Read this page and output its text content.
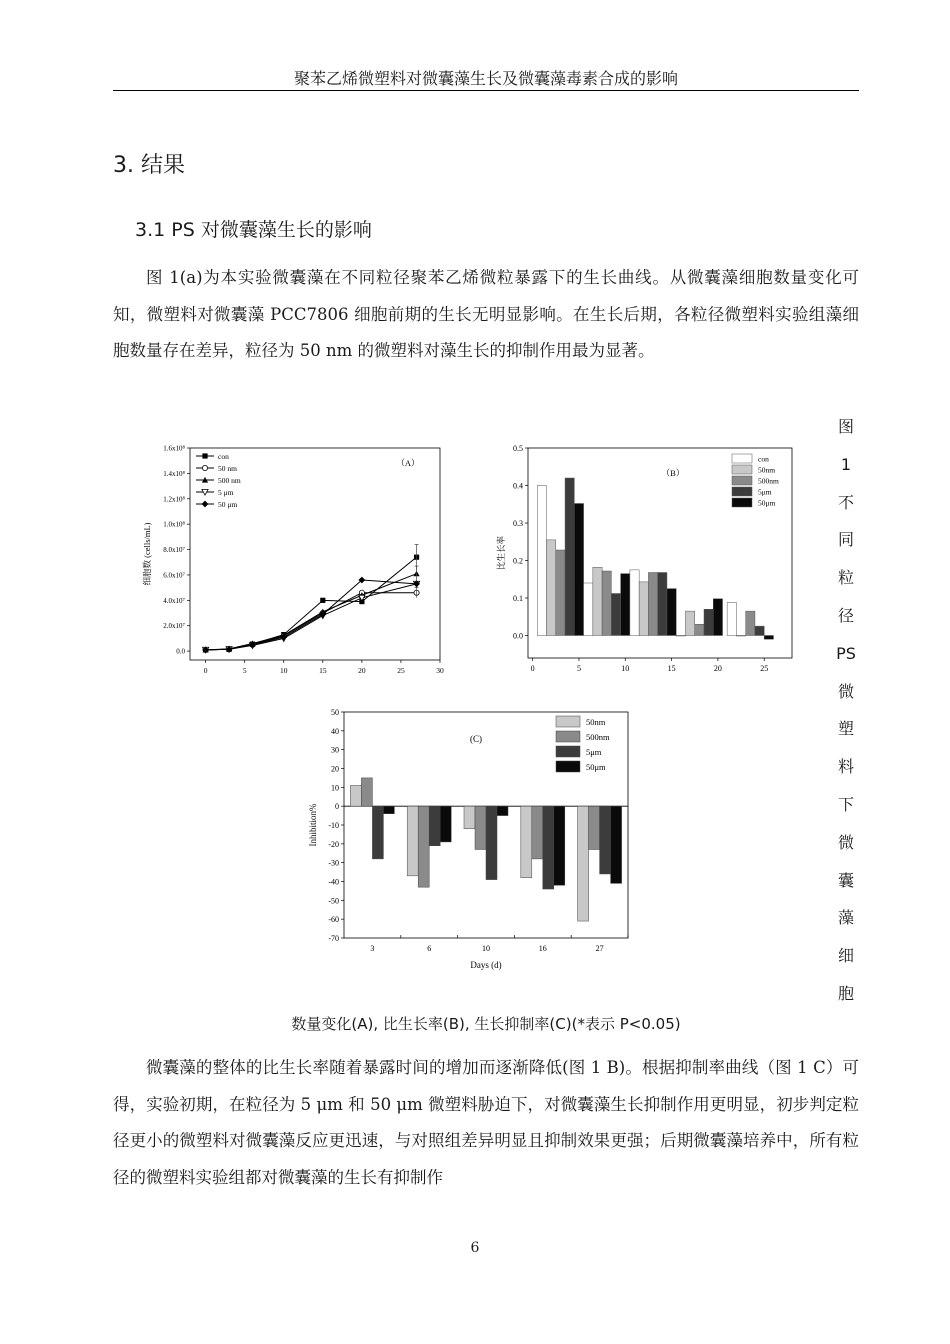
聚苯乙烯微塑料对微囊藻生长及微囊藻毒素合成的影响
3. 结果
3.1 PS 对微囊藻生长的影响

图 1(a)为本实验微囊藻在不同粒径聚苯乙烯微粒暴露下的生长曲线。从微囊藻细胞数量变化可知，微塑料对微囊藻 PCC7806 细胞前期的生长无明显影响。在生长后期，各粒径微塑料实验组藻细胞数量存在差异，粒径为 50 nm 的微塑料对藻生长的抑制作用最为显著。

0	5	10	15	20	25	30
0.0
2.0x10⁷
4.0x10⁷
6.0x10⁷
8.0x10⁷
1.0x10⁸
1.2x10⁸
1.4x10⁸
1.6x10⁸
细胞数 (cells/mL)
（A）
con
50 nm
500 nm
5 μm
50 μm
0	5	10	15	20	25
0.0
0.1
0.2
0.3
0.4
0.5
比生长率
（B）
con
50nm
500nm
5μm
50μm
50
40
30
20
10
0
-10
-20
-30
-40
-50
-60
-70
3	6	10	16	27
Inhibition%
Days (d)
(C)
50nm
500nm
5μm
50μm
图
1
不
同
粒
径
PS
微
塑
料
下
微
囊
藻
细
胞
数量变化(A), 比生长率(B), 生长抑制率(C)(*表示 P<0.05)

微囊藻的整体的比生长率随着暴露时间的增加而逐渐降低(图 1 B)。根据抑制率曲线（图 1 C）可得，实验初期，在粒径为 5 μm 和 50 μm 微塑料胁迫下，对微囊藻生长抑制作用更明显，初步判定粒径更小的微塑料对微囊藻反应更迅速，与对照组差异明显且抑制效果更强；后期微囊藻培养中，所有粒径的微塑料实验组都对微囊藻的生长有抑制作

6
